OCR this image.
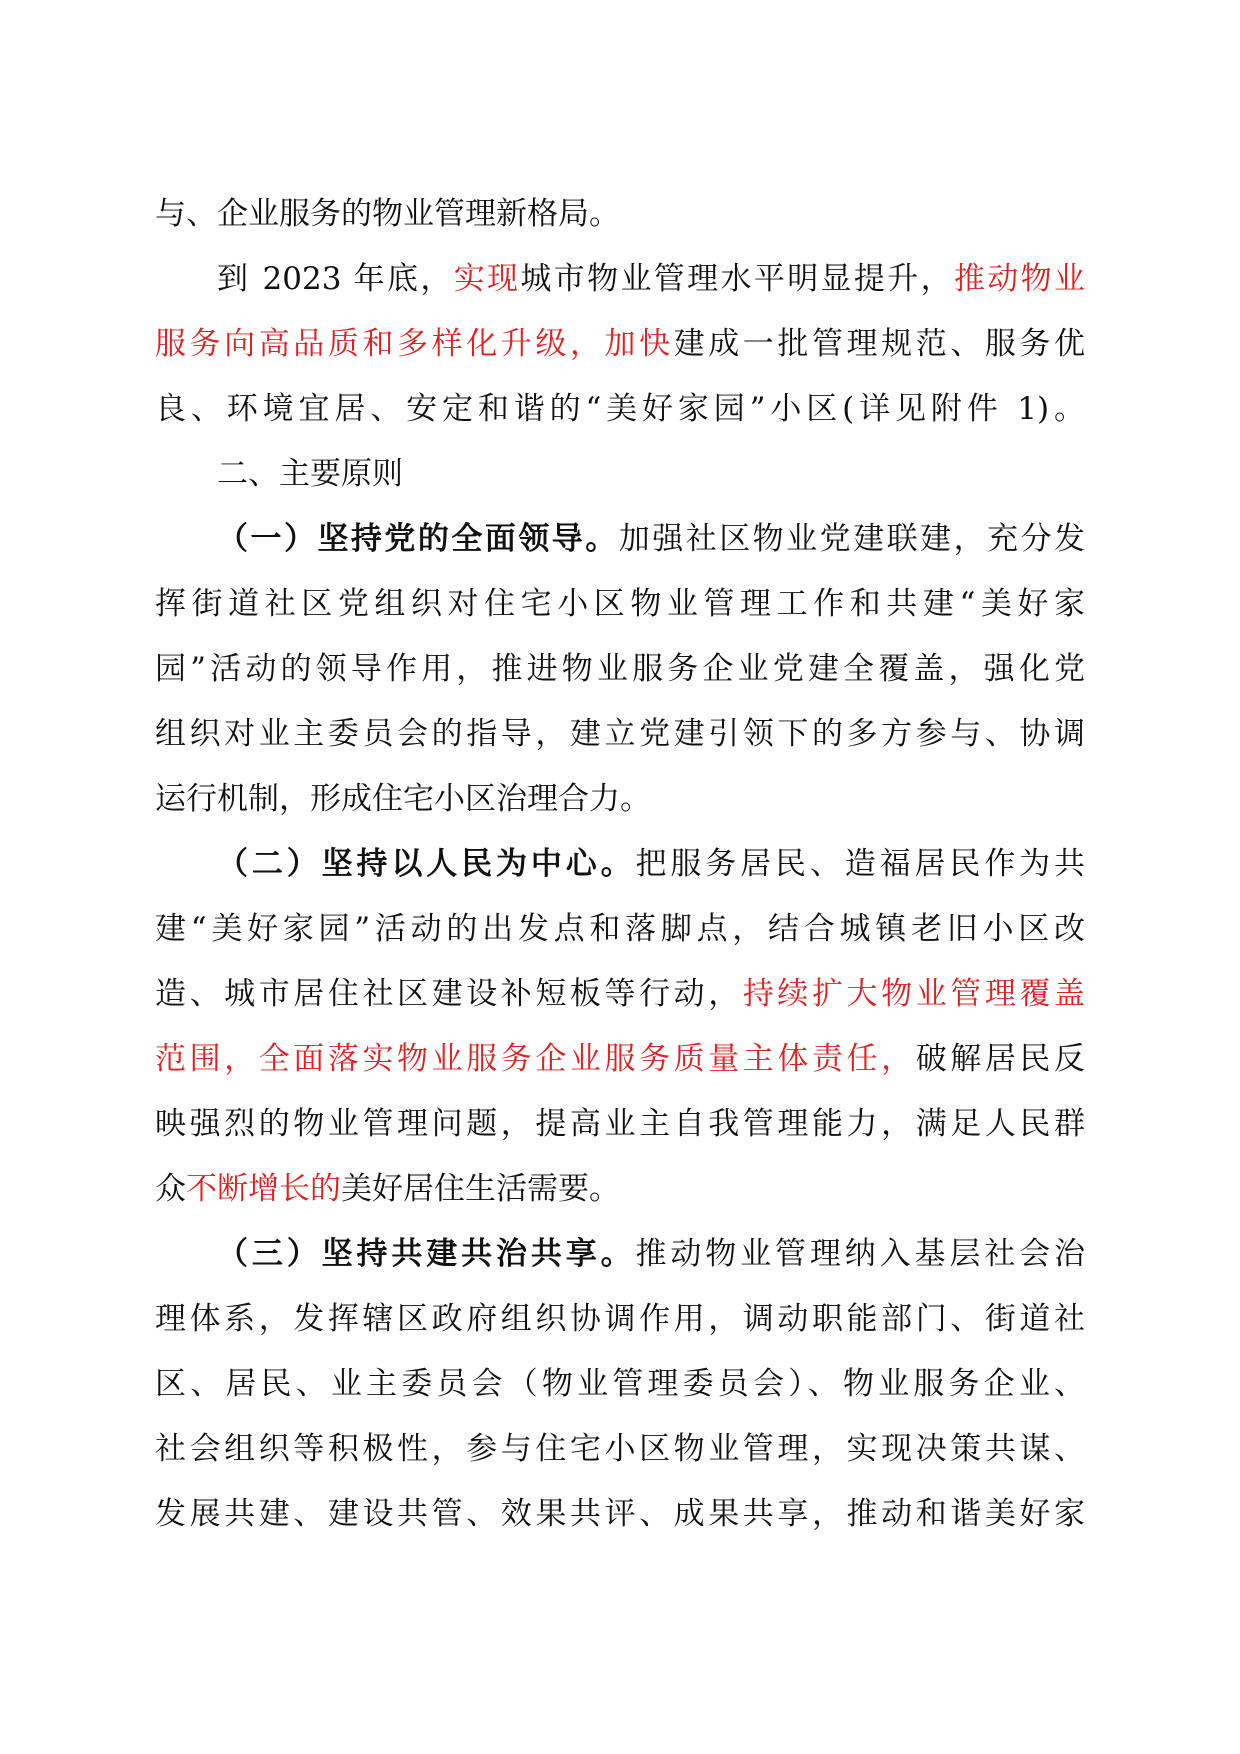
与、企业服务的物业管理新格局。
到 2023 年底，实现城市物业管理水平明显提升，推动物业
服务向高品质和多样化升级，加快建成一批管理规范、服务优
良、环境宜居、安定和谐的“美好家园”小区(详见附件 1)。
二、主要原则
（一）坚持党的全面领导。加强社区物业党建联建，充分发
挥街道社区党组织对住宅小区物业管理工作和共建“美好家
园”活动的领导作用，推进物业服务企业党建全覆盖，强化党
组织对业主委员会的指导，建立党建引领下的多方参与、协调
运行机制，形成住宅小区治理合力。
（二）坚持以人民为中心。把服务居民、造福居民作为共
建“美好家园”活动的出发点和落脚点，结合城镇老旧小区改
造、城市居住社区建设补短板等行动，持续扩大物业管理覆盖
范围，全面落实物业服务企业服务质量主体责任，破解居民反
映强烈的物业管理问题，提高业主自我管理能力，满足人民群
众不断增长的美好居住生活需要。
（三）坚持共建共治共享。推动物业管理纳入基层社会治
理体系，发挥辖区政府组织协调作用，调动职能部门、街道社
区、居民、业主委员会（物业管理委员会）、物业服务企业、
社会组织等积极性，参与住宅小区物业管理，实现决策共谋、
发展共建、建设共管、效果共评、成果共享，推动和谐美好家
